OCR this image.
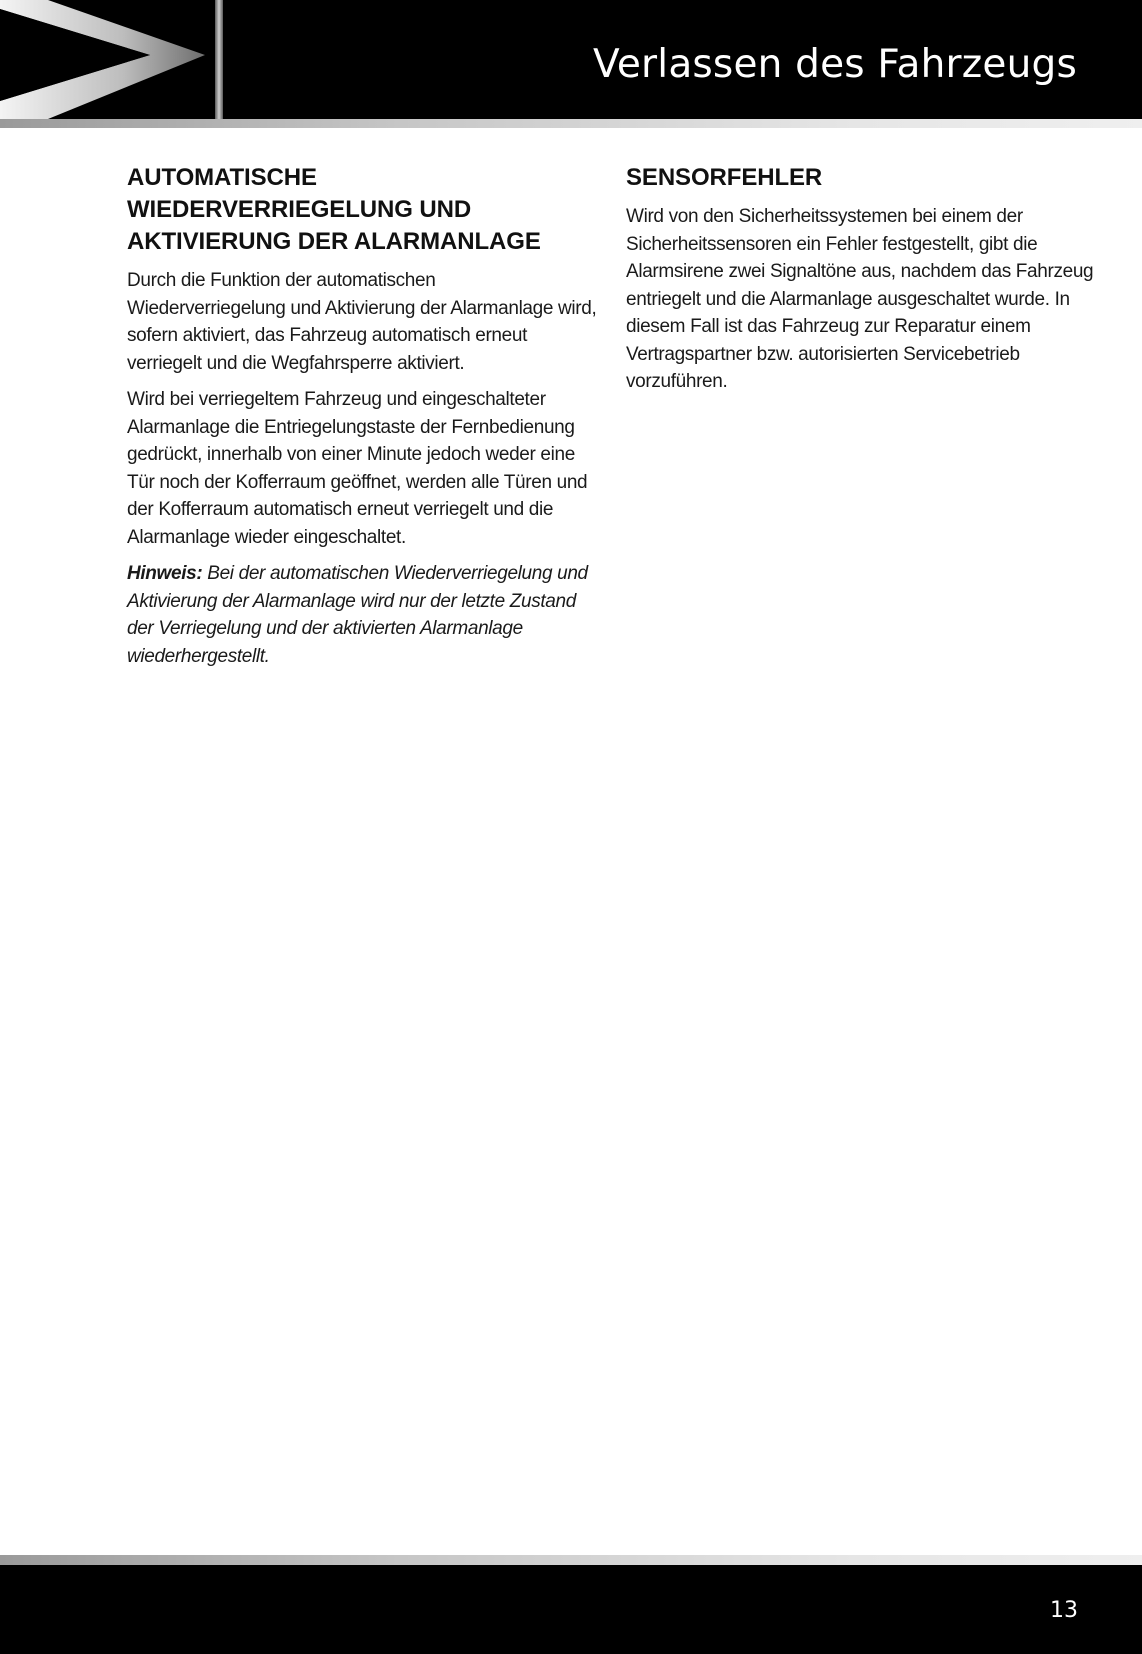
Verlassen des Fahrzeugs
AUTOMATISCHE
WIEDERVERRIEGELUNG UND
AKTIVIERUNG DER ALARMANLAGE

Durch die Funktion der automatischen Wiederverriegelung und Aktivierung der Alarmanlage wird, sofern aktiviert, das Fahrzeug automatisch erneut verriegelt und die Wegfahrsperre aktiviert.

Wird bei verriegeltem Fahrzeug und eingeschalteter Alarmanlage die Entriegelungstaste der Fernbedienung gedrückt, innerhalb von einer Minute jedoch weder eine Tür noch der Kofferraum geöffnet, werden alle Türen und der Kofferraum automatisch erneut verriegelt und die Alarmanlage wieder eingeschaltet.

Hinweis: Bei der automatischen Wiederverriegelung und Aktivierung der Alarmanlage wird nur der letzte Zustand der Verriegelung und der aktivierten Alarmanlage wiederhergestellt.

SENSORFEHLER

Wird von den Sicherheitssystemen bei einem der Sicherheitssensoren ein Fehler festgestellt, gibt die Alarmsirene zwei Signaltöne aus, nachdem das Fahrzeug entriegelt und die Alarmanlage ausgeschaltet wurde. In diesem Fall ist das Fahrzeug zur Reparatur einem Vertragspartner bzw. autorisierten Servicebetrieb vorzuführen.

13
